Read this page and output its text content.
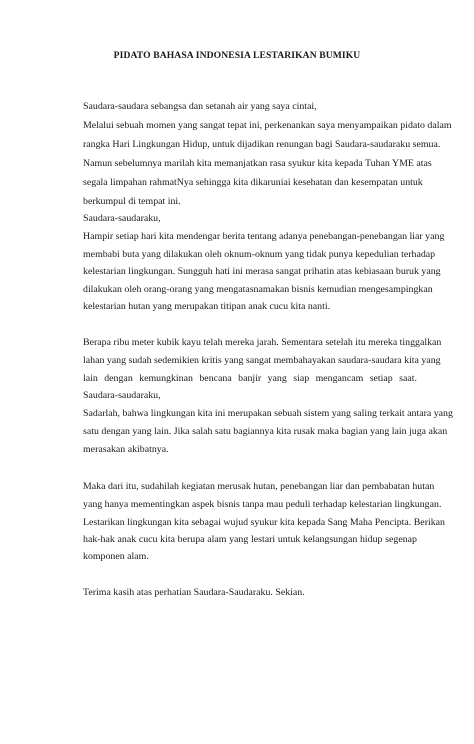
PIDATO BAHASA INDONESIA LESTARIKAN BUMIKU
Saudara-saudara sebangsa dan setanah air yang saya cintai,
Melalui sebuah momen yang sangat tepat ini, perkenankan saya menyampaikan pidato dalam
rangka Hari Lingkungan Hidup, untuk dijadikan renungan bagi Saudara-saudaraku semua.
Namun sebelumnya marilah kita memanjatkan rasa syukur kita kepada Tuhan YME atas
segala limpahan rahmatNya sehingga kita dikaruniai kesehatan dan kesempatan untuk
berkumpul di tempat ini.
Saudara-saudaraku,
Hampir setiap hari kita mendengar berita tentang adanya penebangan-penebangan liar yang
membabi buta yang dilakukan oleh oknum-oknum yang tidak punya kepedulian terhadap
kelestarian lingkungan. Sungguh hati ini merasa sangat prihatin atas kebiasaan buruk yang
dilakukan oleh orang-orang yang mengatasnamakan bisnis kemudian mengesampingkan
kelestarian hutan yang merupakan titipan anak cucu kita nanti.
Berapa ribu meter kubik kayu telah mereka jarah. Sementara setelah itu mereka tinggalkan
lahan yang sudah sedemikien kritis yang sangat membahayakan saudara-saudara kita yang
lain dengan kemungkinan bencana banjir yang siap mengancam setiap saat.
Saudara-saudaraku,
Sadarlah, bahwa lingkungan kita ini merupakan sebuah sistem yang saling terkait antara yang
satu dengan yang lain. Jika salah satu bagiannya kita rusak maka bagian yang lain juga akan
merasakan akibatnya.
Maka dari itu, sudahilah kegiatan merusak hutan, penebangan liar dan pembabatan hutan
yang hanya mementingkan aspek bisnis tanpa mau peduli terhadap kelestarian lingkungan.
Lestarikan lingkungan kita sebagai wujud syukur kita kepada Sang Maha Pencipta. Berikan
hak-hak anak cucu kita berupa alam yang lestari untuk kelangsungan hidup segenap
komponen alam.
Terima kasih atas perhatian Saudara-Saudaraku. Sekian.
